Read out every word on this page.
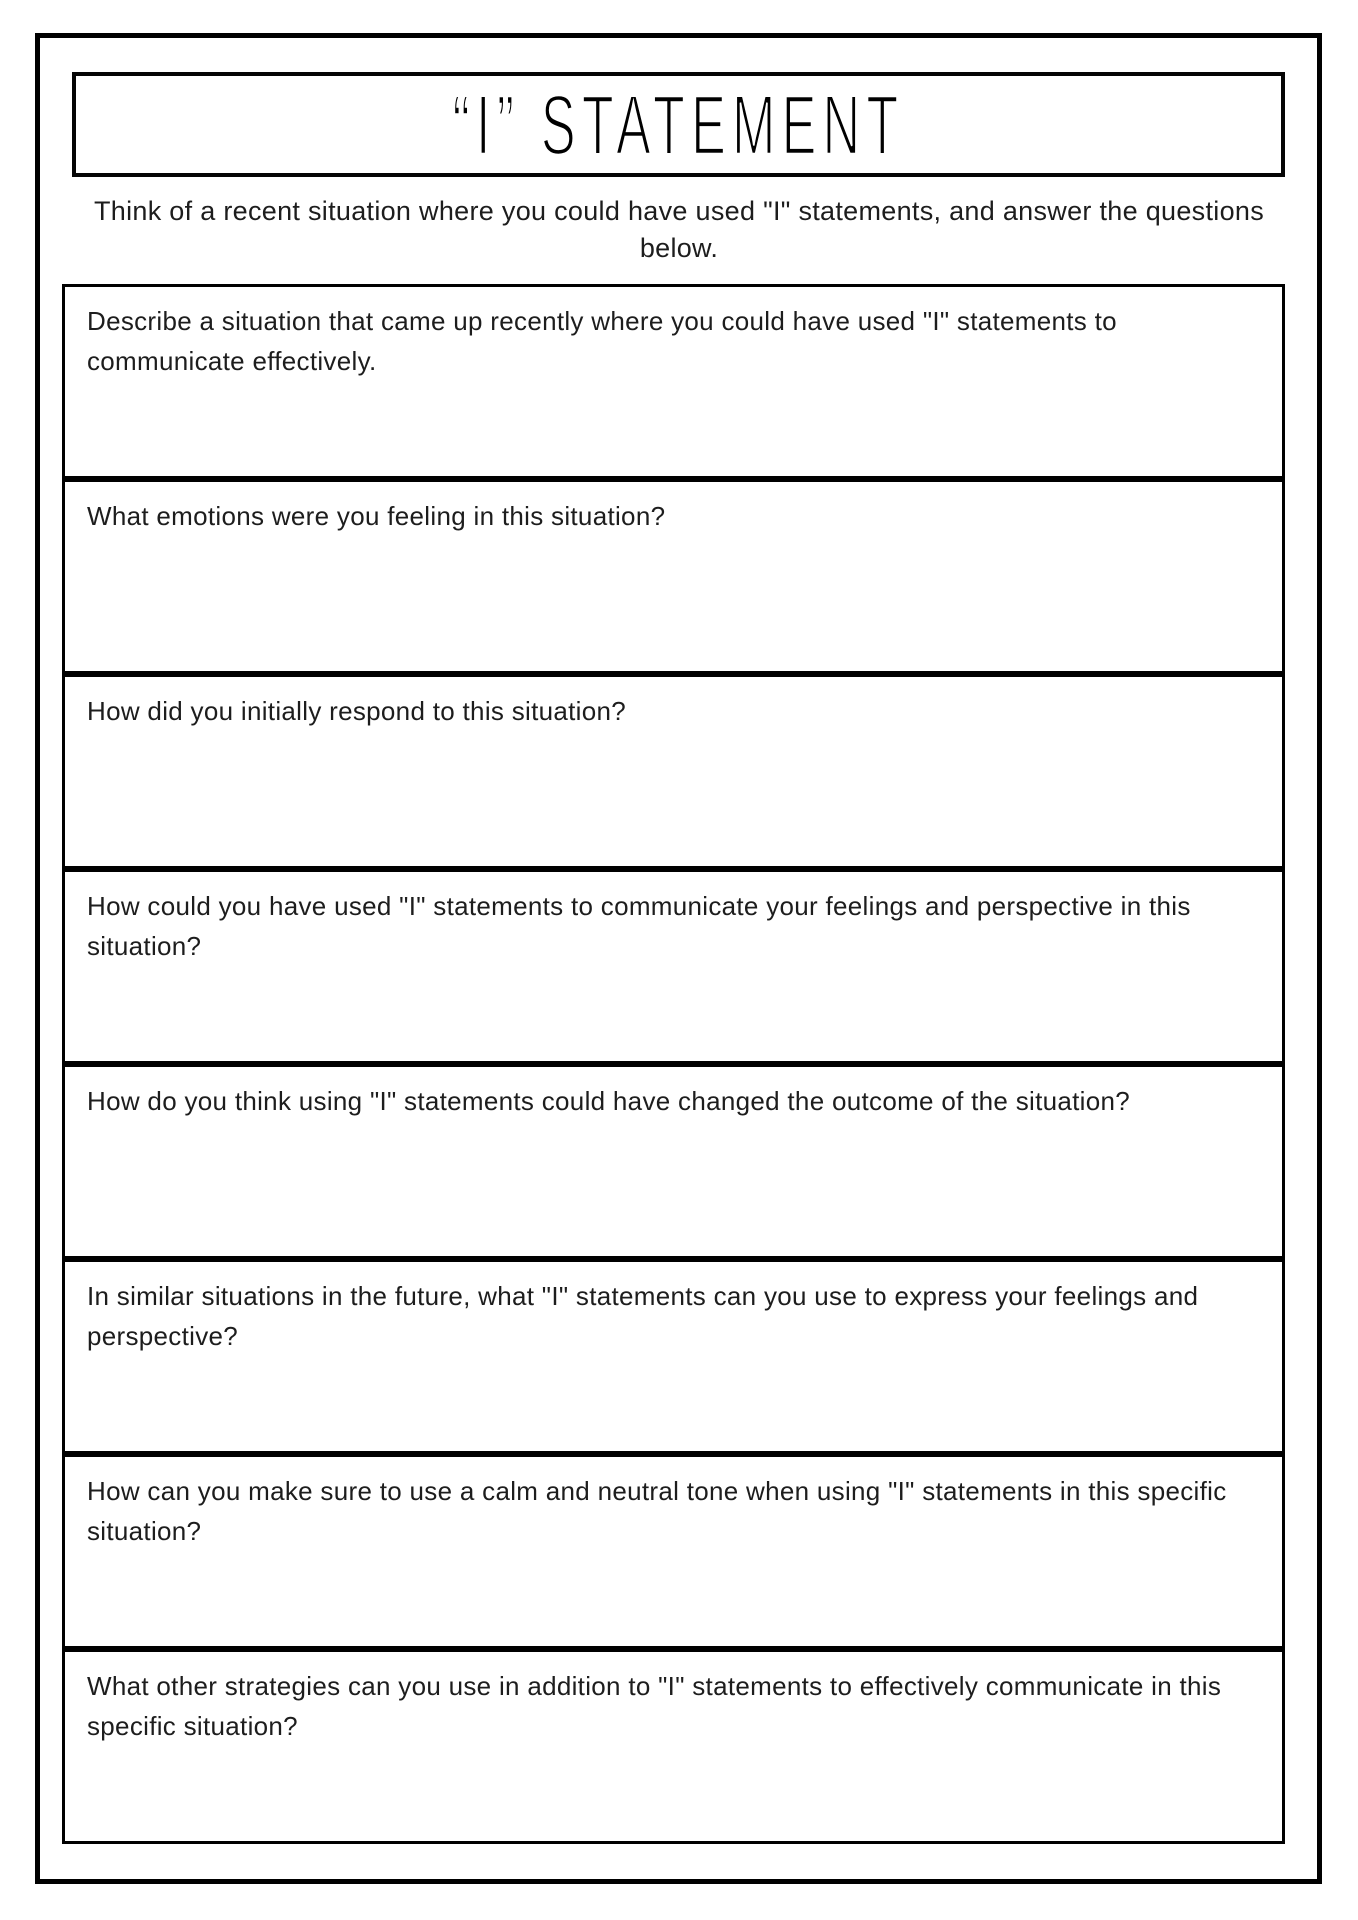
“I” STATEMENT
Think of a recent situation where you could have used "I" statements, and answer the questions below.
Describe a situation that came up recently where you could have used "I" statements to communicate effectively.
What emotions were you feeling in this situation?
How did you initially respond to this situation?
How could you have used "I" statements to communicate your feelings and perspective in this situation?
How do you think using "I" statements could have changed the outcome of the situation?
In similar situations in the future, what "I" statements can you use to express your feelings and perspective?
How can you make sure to use a calm and neutral tone when using "I" statements in this specific situation?
What other strategies can you use in addition to "I" statements to effectively communicate in this specific situation?
